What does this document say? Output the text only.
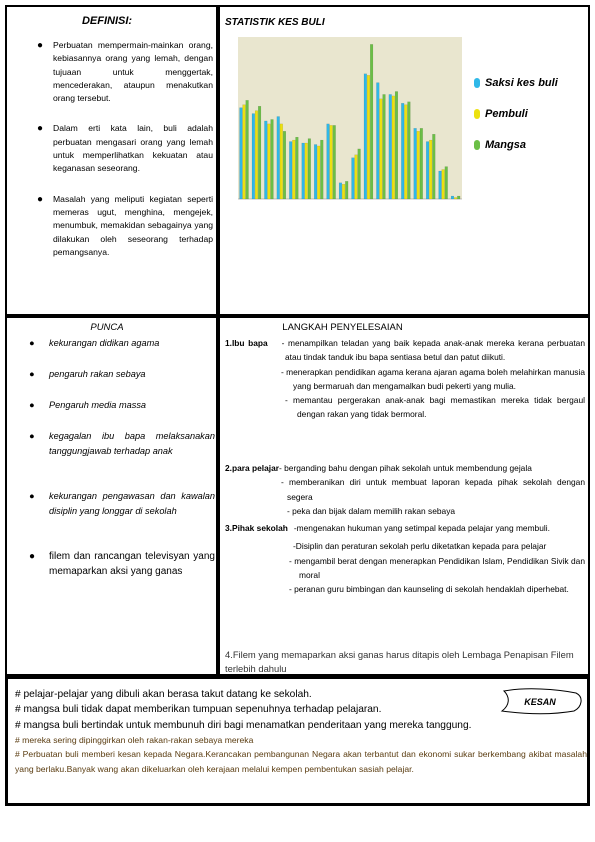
DEFINISI:
● Perbuatan mempermain-mainkan orang, kebiasannya orang yang lemah, dengan tujuaan untuk menggertak, mencederakan, ataupun menakutkan orang tersebut.
● Dalam erti kata lain, buli adalah perbuatan mengasari orang yang lemah untuk memperlihatkan kekuatan atau keganasan seseorang.
● Masalah yang meliputi kegiatan seperti memeras ugut, menghina, mengejek, menumbuk, memakidan sebagainya yang dilakukan oleh seseorang terhadap pemangsanya.
STATISTIK KES BULI
Saksi kes buli
Pembuli
Mangsa
PUNCA
● kekurangan didikan agama
● pengaruh rakan sebaya
● Pengaruh media massa
● kegagalan ibu bapa melaksanakan tanggungjawab terhadap anak
● kekurangan pengawasan dan kawalan disiplin yang longgar di sekolah
● filem dan rancangan televisyan yang memaparkan aksi yang ganas
LANGKAH PENYELESAIAN
1.Ibu bapa - menampilkan teladan yang baik kepada anak-anak mereka kerana perbuatan atau tindak tanduk ibu bapa sentiasa betul dan patut diikuti.
- menerapkan pendidikan agama kerana ajaran agama boleh melahirkan manusia yang bermaruah dan mengamalkan budi pekerti yang mulia.
- memantau pergerakan anak-anak bagi memastikan mereka tidak bergaul dengan rakan yang tidak bermoral.
2.para pelajar- berganding bahu dengan pihak sekolah untuk membendung gejala
- memberanikan diri untuk membuat laporan kepada pihak sekolah dengan segera
- peka dan bijak dalam memilih rakan sebaya
3.Pihak sekolah -mengenakan hukuman yang setimpal kepada pelajar yang membuli.
-Disiplin dan peraturan sekolah perlu diketatkan kepada para pelajar
- mengambil berat dengan menerapkan Pendidikan Islam, Pendidikan Sivik dan moral
- peranan guru bimbingan dan kaunseling di sekolah hendaklah diperhebat.
4.Filem yang memaparkan aksi ganas harus ditapis oleh Lembaga Penapisan Filem terlebih dahulu
KESAN
# pelajar-pelajar yang dibuli akan berasa takut datang ke sekolah.
# mangsa buli tidak dapat memberikan tumpuan sepenuhnya terhadap pelajaran.
# mangsa buli bertindak untuk membunuh diri bagi menamatkan penderitaan yang mereka tanggung.
# mereka sering dipinggirkan oleh rakan-rakan sebaya mereka
# Perbuatan buli memberi kesan kepada Negara.Kerancakan pembangunan Negara akan terbantut dan ekonomi sukar berkembang akibat masalah yang berlaku.Banyak wang akan dikeluarkan oleh kerajaan melalui kempen pembentukan sasiah pelajar.
